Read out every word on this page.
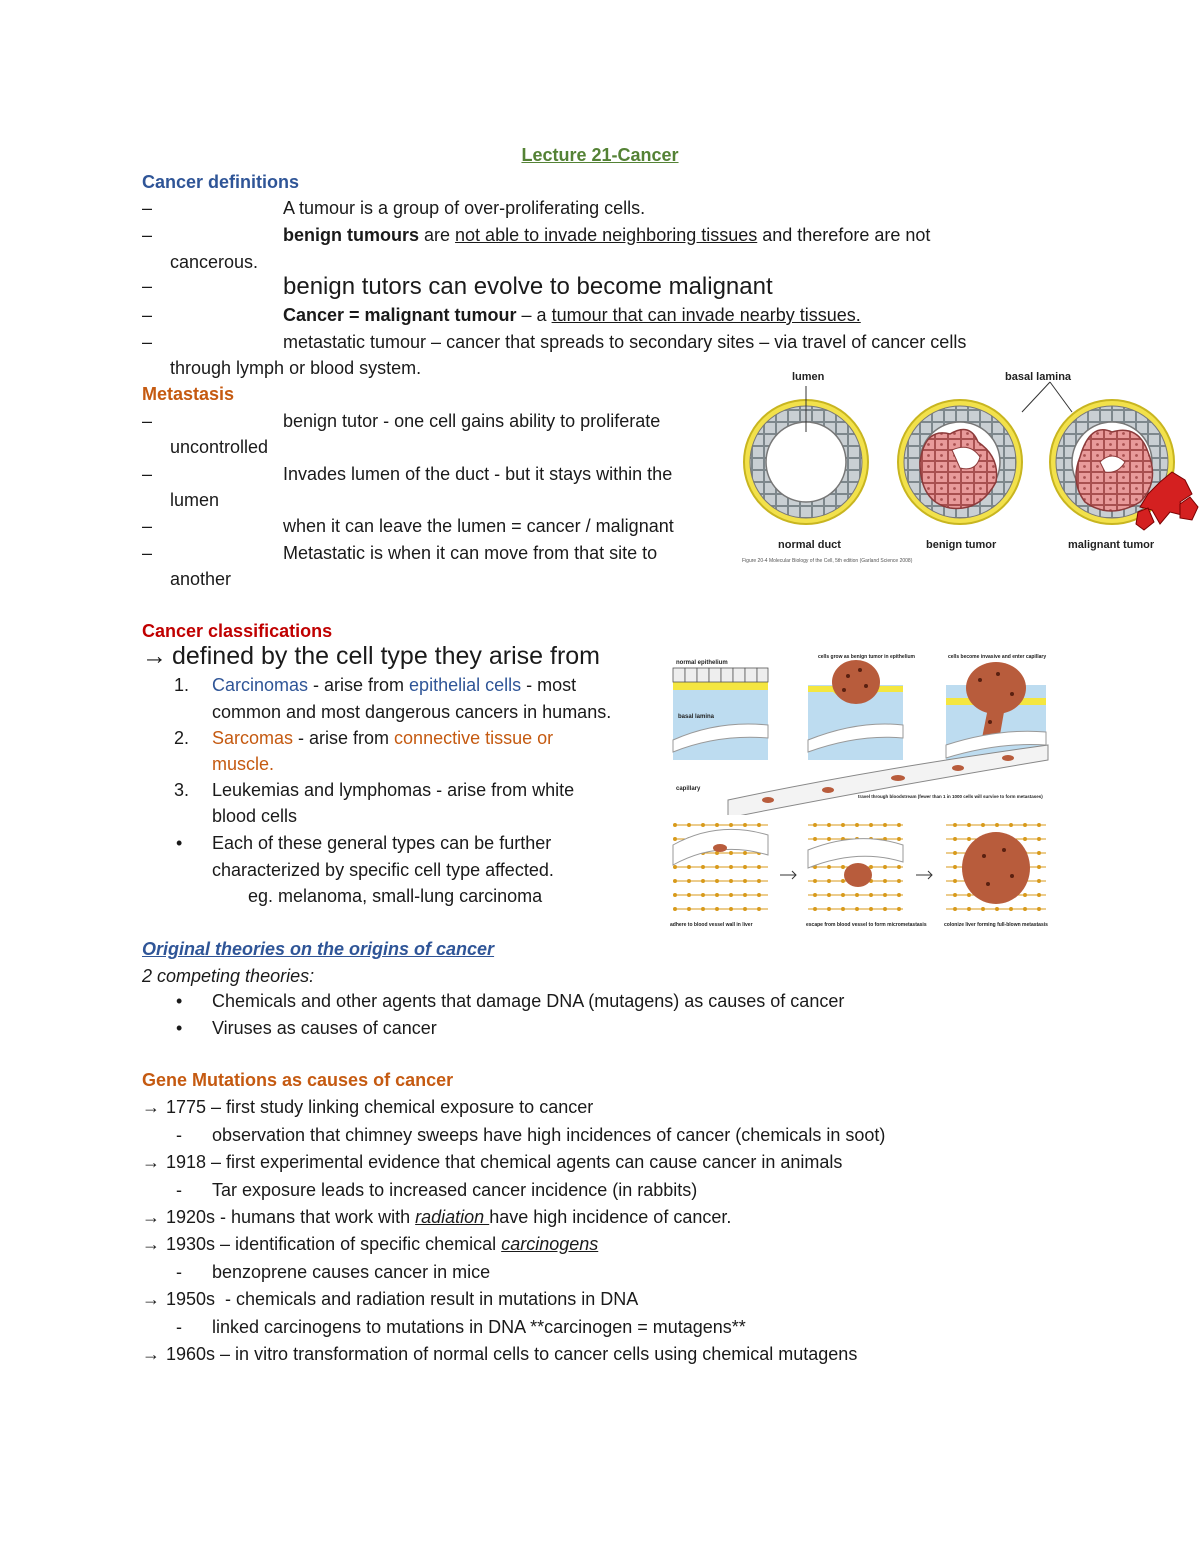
Lecture 21-Cancer
Cancer definitions
–	A tumour is a group of over-proliferating cells.
–	benign tumours are not able to invade neighboring tissues and therefore are not
cancerous.
–	benign tutors can evolve to become malignant
–	Cancer = malignant tumour – a tumour that can invade nearby tissues.
–	metastatic tumour – cancer that spreads to secondary sites – via travel of cancer cells
through lymph or blood system.
Metastasis
–	benign tutor - one cell gains ability to proliferate
uncontrolled
–	Invades lumen of the duct - but it stays within the
lumen
–	when it can leave the lumen = cancer / malignant
–	Metastatic is when it can move from that site to
another
lumen	basal lamina
normal duct	benign tumor	malignant tumor
Figure 20-4 Molecular Biology of the Cell, 5th edition (Garland Science 2008)
Cancer classifications
→ defined by the cell type they arise from
1. Carcinomas - arise from epithelial cells - most
common and most dangerous cancers in humans.
2. Sarcomas - arise from connective tissue or
muscle.
3. Leukemias and lymphomas - arise from white
blood cells
• Each of these general types can be further
characterized by specific cell type affected.
eg. melanoma, small-lung carcinoma
normal epithelium
basal lamina
cells grow as benign tumor in epithelium	cells become invasive and enter capillary
capillary
travel through bloodstream (fewer than 1 in 1000 cells will survive to form metastases)
adhere to blood vessel wall in liver	escape from blood vessel to form micrometastasis	colonize liver forming full-blown metastasis
Original theories on the origins of cancer
2 competing theories:
• Chemicals and other agents that damage DNA (mutagens) as causes of cancer
• Viruses as causes of cancer
Gene Mutations as causes of cancer
→ 1775 – first study linking chemical exposure to cancer
- observation that chimney sweeps have high incidences of cancer (chemicals in soot)
→ 1918 – first experimental evidence that chemical agents can cause cancer in animals
- Tar exposure leads to increased cancer incidence (in rabbits)
→ 1920s - humans that work with radiation have high incidence of cancer.
→ 1930s – identification of specific chemical carcinogens
- benzoprene causes cancer in mice
→ 1950s  - chemicals and radiation result in mutations in DNA
- linked carcinogens to mutations in DNA **carcinogen = mutagens**
→ 1960s – in vitro transformation of normal cells to cancer cells using chemical mutagens
